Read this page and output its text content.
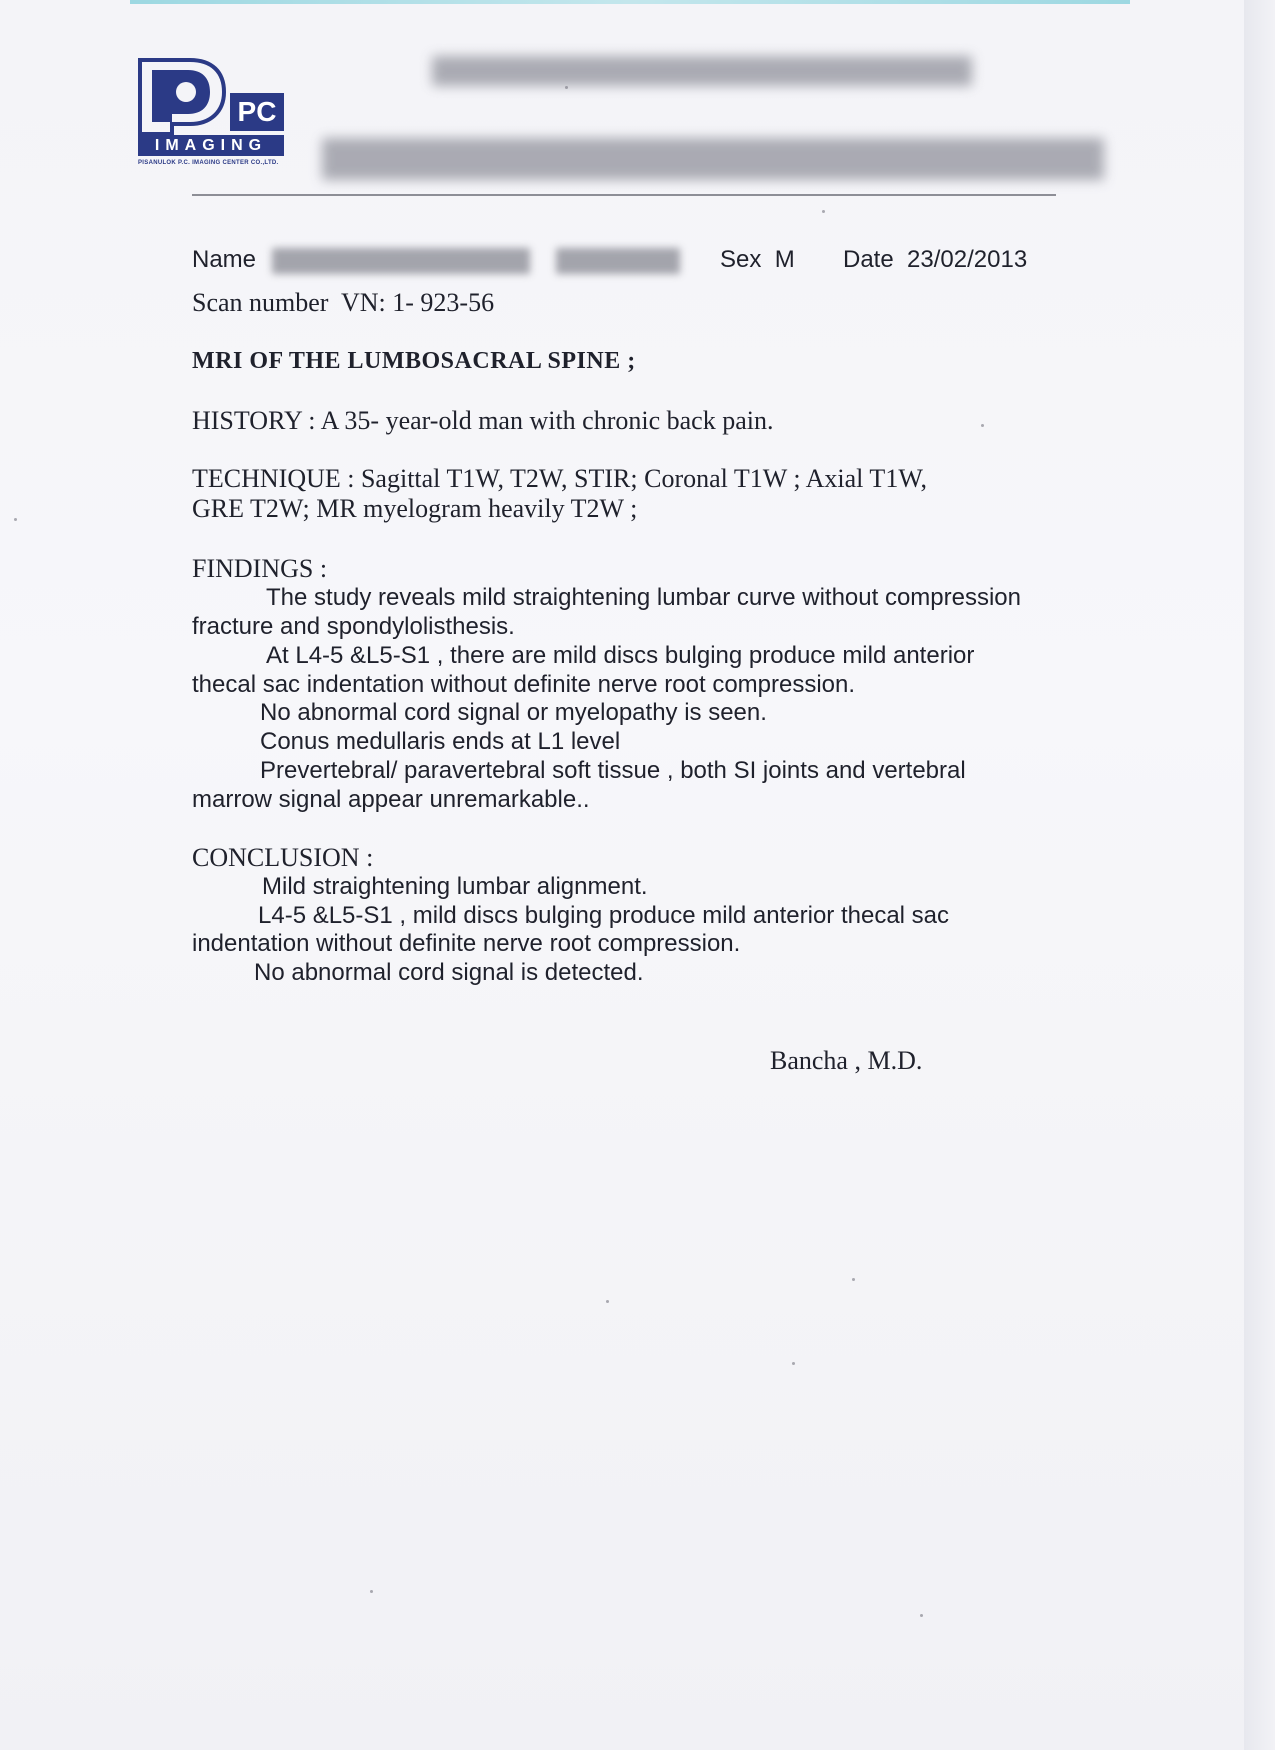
PC
IMAGING
PISANULOK P.C. IMAGING CENTER CO.,LTD.
Name	Sex M Date 23/02/2013
Scan number VN: 1- 923-56
MRI OF THE LUMBOSACRAL SPINE ;
HISTORY : A 35- year-old man with chronic back pain.
TECHNIQUE : Sagittal T1W, T2W, STIR; Coronal T1W ; Axial T1W,
GRE T2W; MR myelogram heavily T2W ;
FINDINGS :
The study reveals mild straightening lumbar curve without compression
fracture and spondylolisthesis.
At L4-5 &L5-S1 , there are mild discs bulging produce mild anterior
thecal sac indentation without definite nerve root compression.
No abnormal cord signal or myelopathy is seen.
Conus medullaris ends at L1 level
Prevertebral/ paravertebral soft tissue , both SI joints and vertebral
marrow signal appear unremarkable..
CONCLUSION :
Mild straightening lumbar alignment.
L4-5 &L5-S1 , mild discs bulging produce mild anterior thecal sac
indentation without definite nerve root compression.
No abnormal cord signal is detected.
Bancha , M.D.
